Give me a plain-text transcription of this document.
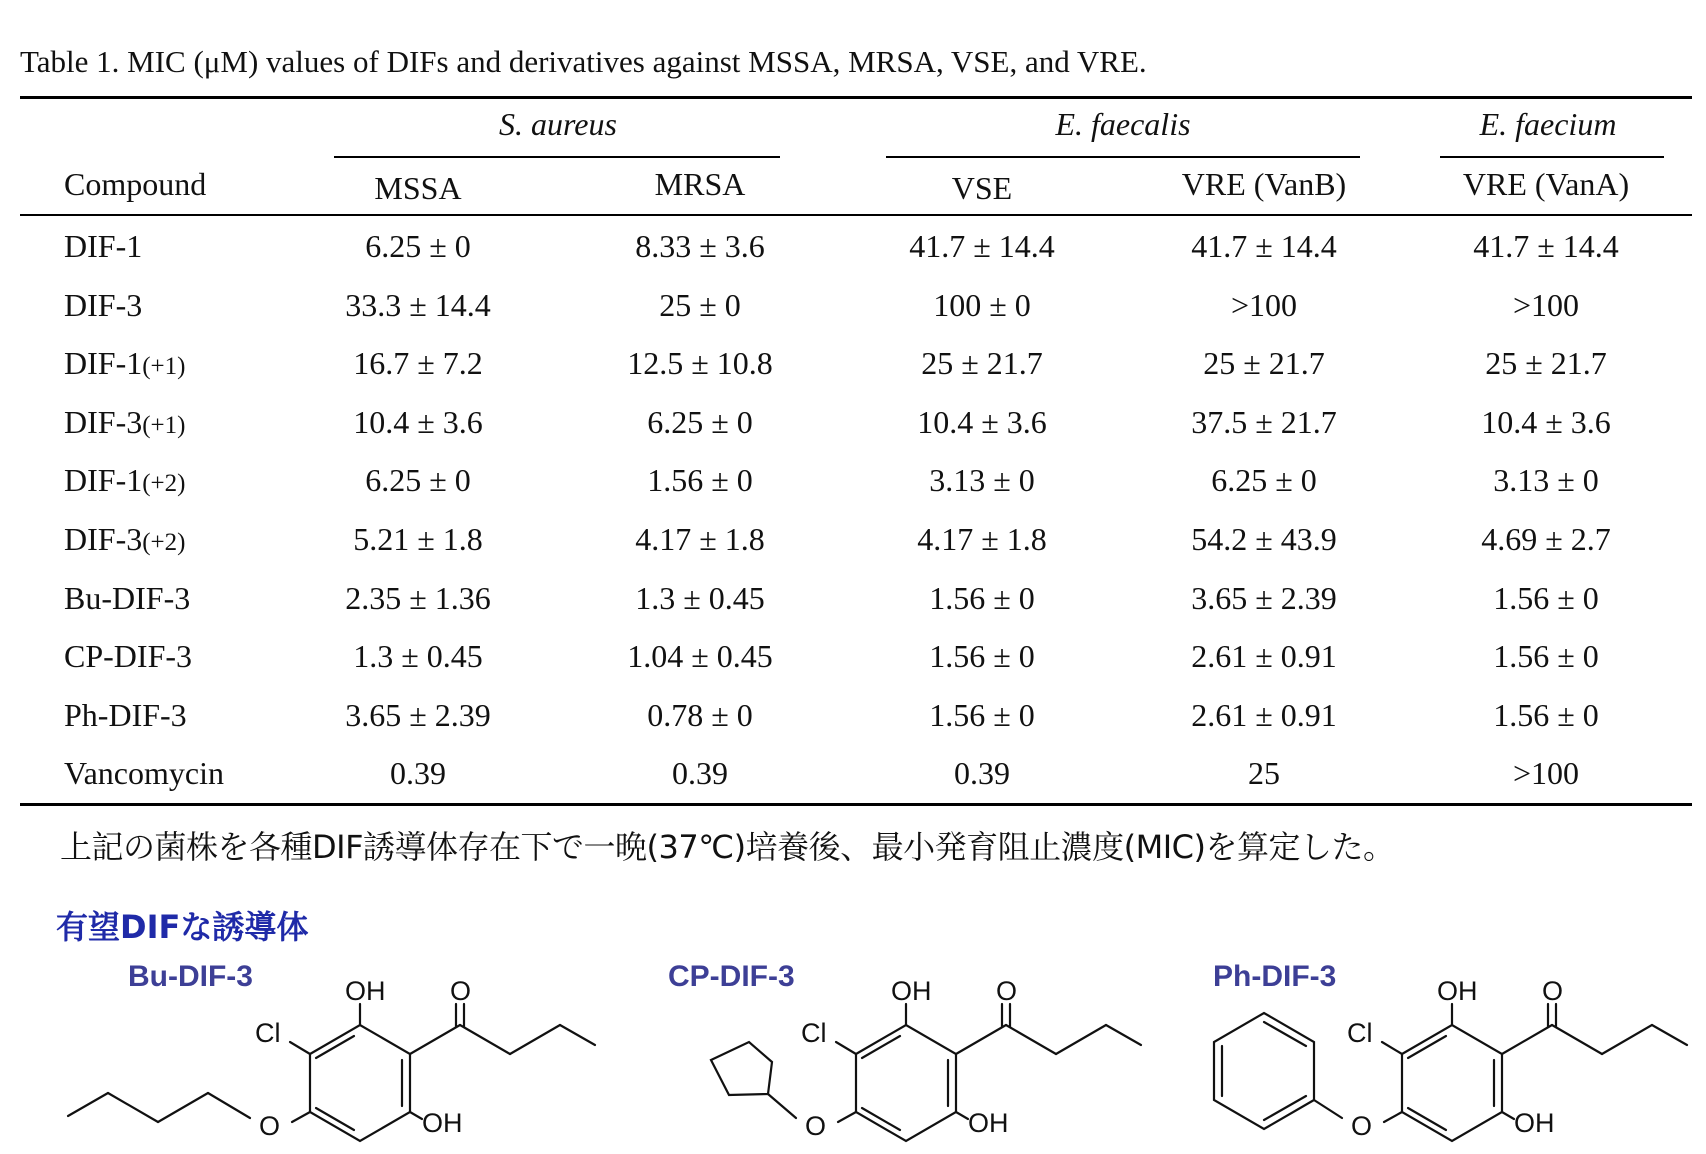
Table 1. MIC (μM) values of DIFs and derivatives against MSSA, MRSA, VSE, and VRE.
S. aureus	E. faecalis	E. faecium
Compound	MSSA	MRSA	VSE	VRE (VanB)	VRE (VanA)
DIF-1	6.25 ± 0	8.33 ± 3.6	41.7 ± 14.4	41.7 ± 14.4	41.7 ± 14.4
DIF-3	33.3 ± 14.4	25 ± 0	100 ± 0	>100	>100
DIF-1(+1)	16.7 ± 7.2	12.5 ± 10.8	25 ± 21.7	25 ± 21.7	25 ± 21.7
DIF-3(+1)	10.4 ± 3.6	6.25 ± 0	10.4 ± 3.6	37.5 ± 21.7	10.4 ± 3.6
DIF-1(+2)	6.25 ± 0	1.56 ± 0	3.13 ± 0	6.25 ± 0	3.13 ± 0
DIF-3(+2)	5.21 ± 1.8	4.17 ± 1.8	4.17 ± 1.8	54.2 ± 43.9	4.69 ± 2.7
Bu-DIF-3	2.35 ± 1.36	1.3 ± 0.45	1.56 ± 0	3.65 ± 2.39	1.56 ± 0
CP-DIF-3	1.3 ± 0.45	1.04 ± 0.45	1.56 ± 0	2.61 ± 0.91	1.56 ± 0
Ph-DIF-3	3.65 ± 2.39	0.78 ± 0	1.56 ± 0	2.61 ± 0.91	1.56 ± 0
Vancomycin	0.39	0.39	0.39	25	>100
上記の菌株を各種DIF誘導体存在下で一晩(37℃)培養後、最小発育阻止濃度(MIC)を算定した。
有望DIFな誘導体
Bu-DIF-3	CP-DIF-3	Ph-DIF-3
OH O
Cl
O	OH
OH O
Cl
O	OH
OH O
Cl
O	OH
